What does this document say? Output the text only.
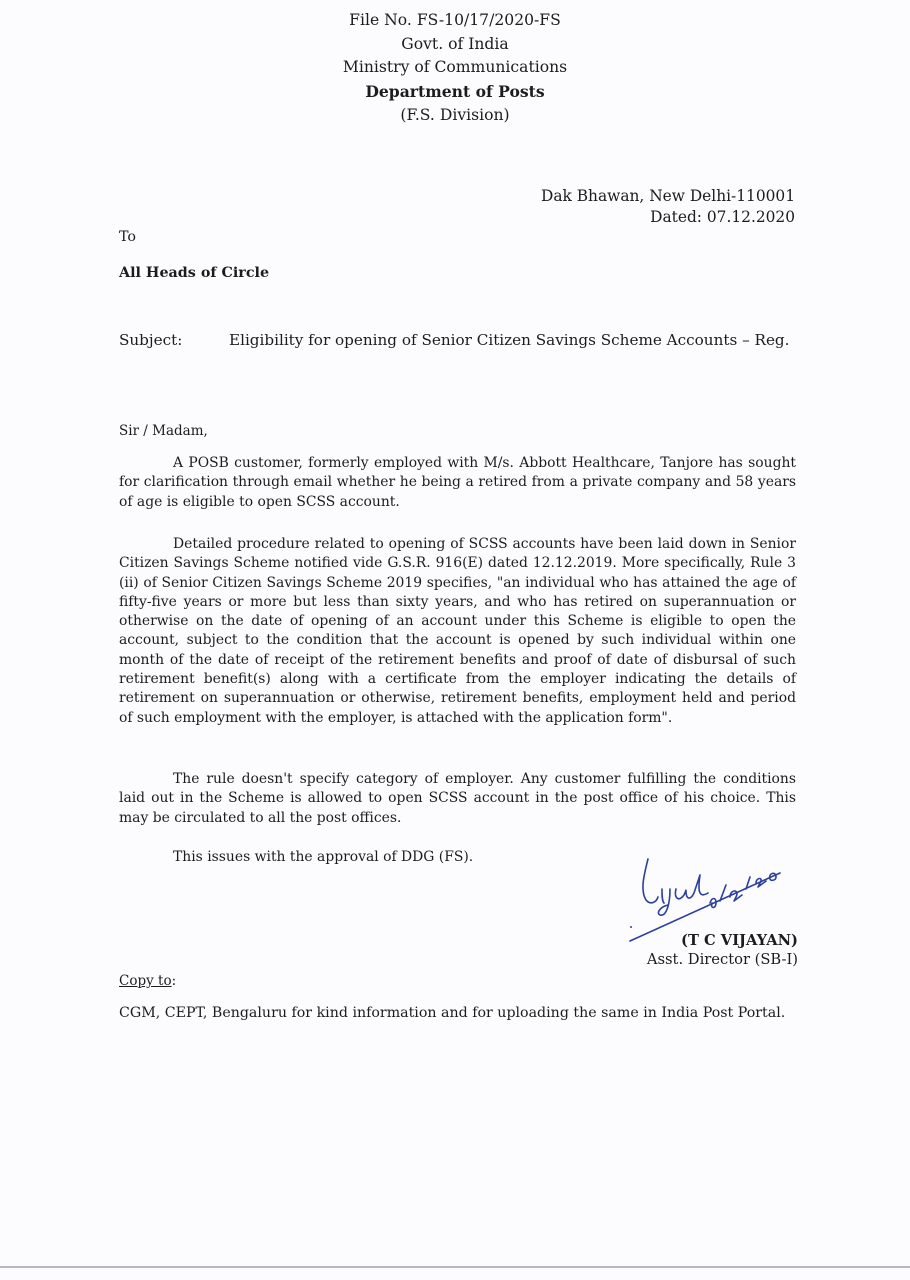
File No. FS-10/17/2020-FS
Govt. of India
Ministry of Communications
Department of Posts
(F.S. Division)
Dak Bhawan, New Delhi-110001
Dated: 07.12.2020
To
All Heads of Circle
Subject:	Eligibility for opening of Senior Citizen Savings Scheme Accounts – Reg.
Sir / Madam,
A POSB customer, formerly employed with M/s. Abbott Healthcare, Tanjore has sought for clarification through email whether he being a retired from a private company and 58 years of age is eligible to open SCSS account.
Detailed procedure related to opening of SCSS accounts have been laid down in Senior Citizen Savings Scheme notified vide G.S.R. 916(E) dated 12.12.2019. More specifically, Rule 3 (ii) of Senior Citizen Savings Scheme 2019 specifies, "an individual who has attained the age of fifty-five years or more but less than sixty years, and who has retired on superannuation or otherwise on the date of opening of an account under this Scheme is eligible to open the account, subject to the condition that the account is opened by such individual within one month of the date of receipt of the retirement benefits and proof of date of disbursal of such retirement benefit(s) along with a certificate from the employer indicating the details of retirement on superannuation or otherwise, retirement benefits, employment held and period of such employment with the employer, is attached with the application form".
The rule doesn't specify category of employer. Any customer fulfilling the conditions laid out in the Scheme is allowed to open SCSS account in the post office of his choice. This may be circulated to all the post offices.
This issues with the approval of DDG (FS).
(T C VIJAYAN)
Asst. Director (SB-I)
Copy to:
CGM, CEPT, Bengaluru for kind information and for uploading the same in India Post Portal.
